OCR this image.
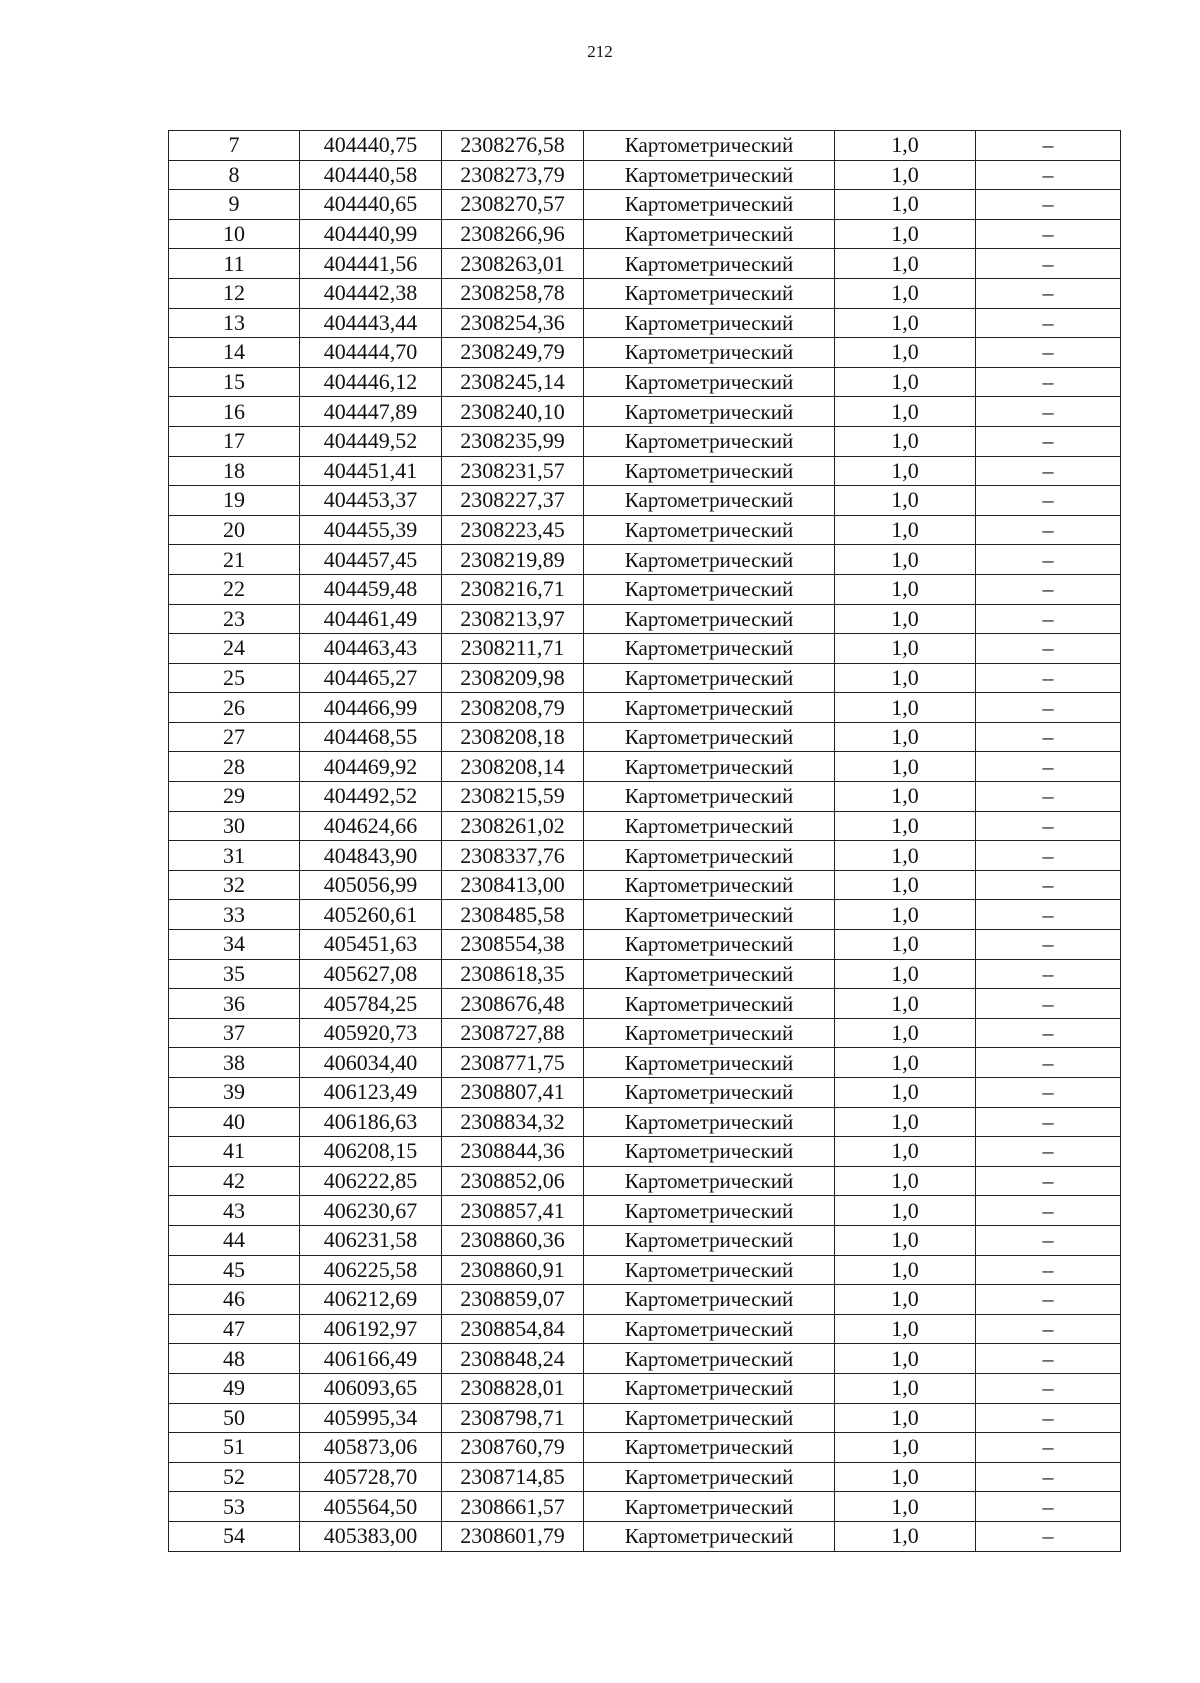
212
7	404440,75	2308276,58	Картометрический	1,0	–
8	404440,58	2308273,79	Картометрический	1,0	–
9	404440,65	2308270,57	Картометрический	1,0	–
10	404440,99	2308266,96	Картометрический	1,0	–
11	404441,56	2308263,01	Картометрический	1,0	–
12	404442,38	2308258,78	Картометрический	1,0	–
13	404443,44	2308254,36	Картометрический	1,0	–
14	404444,70	2308249,79	Картометрический	1,0	–
15	404446,12	2308245,14	Картометрический	1,0	–
16	404447,89	2308240,10	Картометрический	1,0	–
17	404449,52	2308235,99	Картометрический	1,0	–
18	404451,41	2308231,57	Картометрический	1,0	–
19	404453,37	2308227,37	Картометрический	1,0	–
20	404455,39	2308223,45	Картометрический	1,0	–
21	404457,45	2308219,89	Картометрический	1,0	–
22	404459,48	2308216,71	Картометрический	1,0	–
23	404461,49	2308213,97	Картометрический	1,0	–
24	404463,43	2308211,71	Картометрический	1,0	–
25	404465,27	2308209,98	Картометрический	1,0	–
26	404466,99	2308208,79	Картометрический	1,0	–
27	404468,55	2308208,18	Картометрический	1,0	–
28	404469,92	2308208,14	Картометрический	1,0	–
29	404492,52	2308215,59	Картометрический	1,0	–
30	404624,66	2308261,02	Картометрический	1,0	–
31	404843,90	2308337,76	Картометрический	1,0	–
32	405056,99	2308413,00	Картометрический	1,0	–
33	405260,61	2308485,58	Картометрический	1,0	–
34	405451,63	2308554,38	Картометрический	1,0	–
35	405627,08	2308618,35	Картометрический	1,0	–
36	405784,25	2308676,48	Картометрический	1,0	–
37	405920,73	2308727,88	Картометрический	1,0	–
38	406034,40	2308771,75	Картометрический	1,0	–
39	406123,49	2308807,41	Картометрический	1,0	–
40	406186,63	2308834,32	Картометрический	1,0	–
41	406208,15	2308844,36	Картометрический	1,0	–
42	406222,85	2308852,06	Картометрический	1,0	–
43	406230,67	2308857,41	Картометрический	1,0	–
44	406231,58	2308860,36	Картометрический	1,0	–
45	406225,58	2308860,91	Картометрический	1,0	–
46	406212,69	2308859,07	Картометрический	1,0	–
47	406192,97	2308854,84	Картометрический	1,0	–
48	406166,49	2308848,24	Картометрический	1,0	–
49	406093,65	2308828,01	Картометрический	1,0	–
50	405995,34	2308798,71	Картометрический	1,0	–
51	405873,06	2308760,79	Картометрический	1,0	–
52	405728,70	2308714,85	Картометрический	1,0	–
53	405564,50	2308661,57	Картометрический	1,0	–
54	405383,00	2308601,79	Картометрический	1,0	–
